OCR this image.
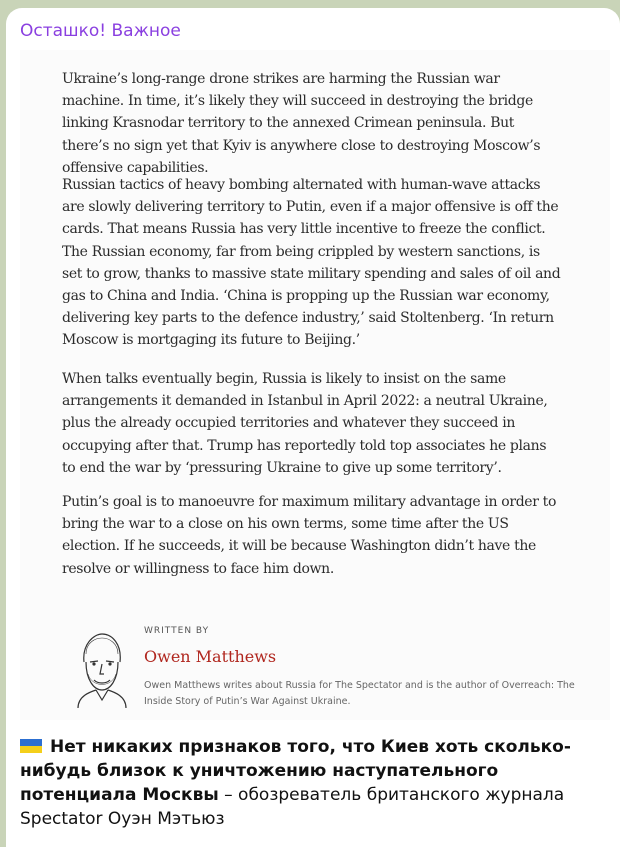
Осташко! Важное

Ukraine’s long-range drone strikes are harming the Russian war machine. In time, it’s likely they will succeed in destroying the bridge linking Krasnodar territory to the annexed Crimean peninsula. But there’s no sign yet that Kyiv is anywhere close to destroying Moscow’s offensive capabilities.

Russian tactics of heavy bombing alternated with human-wave attacks are slowly delivering territory to Putin, even if a major offensive is off the cards. That means Russia has very little incentive to freeze the conflict. The Russian economy, far from being crippled by western sanctions, is set to grow, thanks to massive state military spending and sales of oil and gas to China and India. ‘China is propping up the Russian war economy, delivering key parts to the defence industry,’ said Stoltenberg. ‘In return Moscow is mortgaging its future to Beijing.’

When talks eventually begin, Russia is likely to insist on the same arrangements it demanded in Istanbul in April 2022: a neutral Ukraine, plus the already occupied territories and whatever they succeed in occupying after that. Trump has reportedly told top associates he plans to end the war by ‘pressuring Ukraine to give up some territory’.

Putin’s goal is to manoeuvre for maximum military advantage in order to bring the war to a close on his own terms, some time after the US election. If he succeeds, it will be because Washington didn’t have the resolve or willingness to face him down.

WRITTEN BY
Owen Matthews
Owen Matthews writes about Russia for The Spectator and is the author of Overreach: The Inside Story of Putin’s War Against Ukraine.
Нет никаких признаков того, что Киев хоть сколько-нибудь близок к уничтожению наступательного потенциала Москвы – обозреватель британского журнала Spectator Оуэн Мэтьюз
